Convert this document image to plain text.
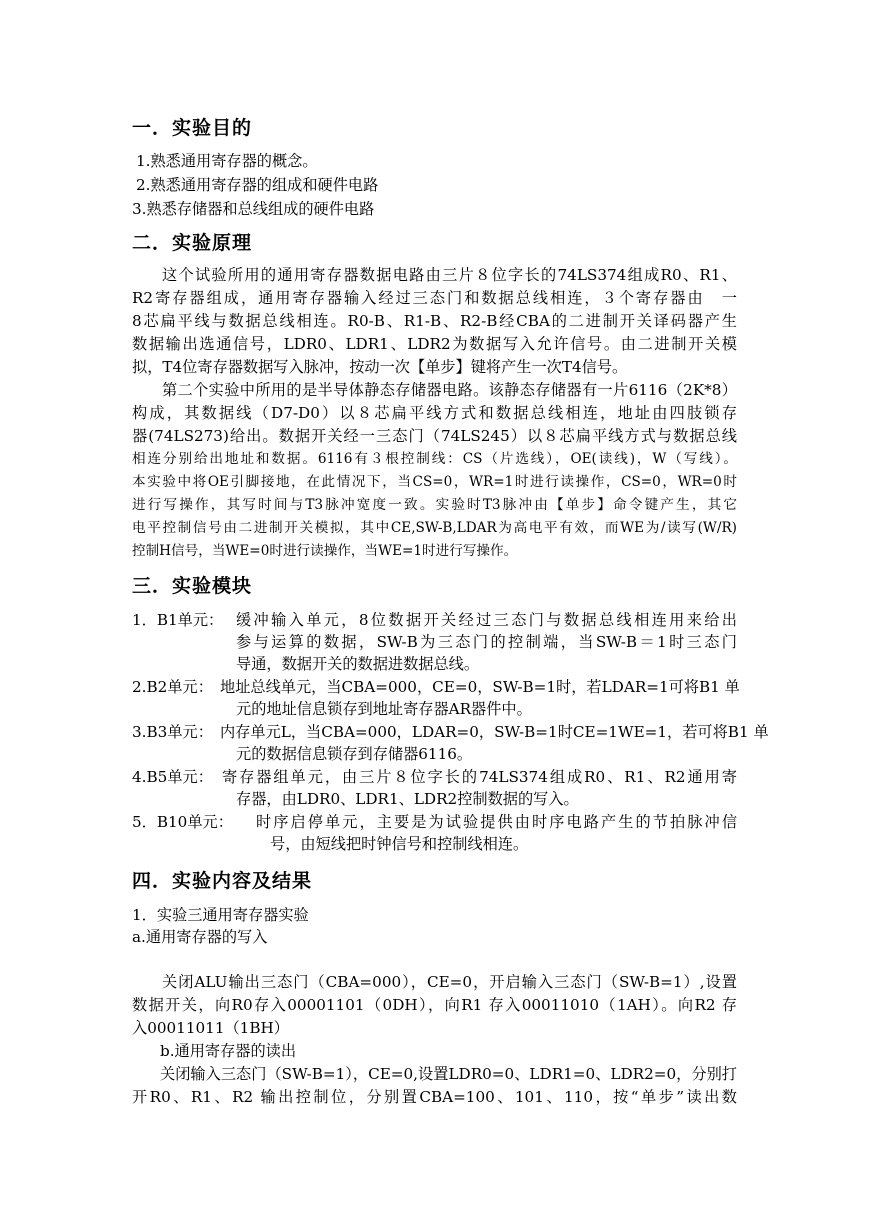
一．实验目的
1.熟悉通用寄存器的概念。
2.熟悉通用寄存器的组成和硬件电路
3.熟悉存储器和总线组成的硬件电路
二．实验原理
这个试验所用的通用寄存器数据电路由三片８位字长的74LS374组成R0、R1、
R2寄存器组成，通用寄存器输入经过三态门和数据总线相连，３个寄存器由　一
8芯扁平线与数据总线相连。R0-B、R1-B、R2-B经CBA的二进制开关译码器产生
数据输出选通信号，LDR0、LDR1、LDR2为数据写入允许信号。由二进制开关模
拟，T4位寄存器数据写入脉冲，按动一次【单步】键将产生一次T4信号。
第二个实验中所用的是半导体静态存储器电路。该静态存储器有一片6116（2K*8）
构成，其数据线（D7-D0）以８芯扁平线方式和数据总线相连，地址由四肢锁存
器(74LS273)给出。数据开关经一三态门（74LS245）以８芯扁平线方式与数据总线
相连分别给出地址和数据。6116有３根控制线：CS（片选线），OE(读线)，W（写线）。
本实验中将OE引脚接地，在此情况下，当CS=0，WR=1时进行读操作，CS=0，WR=0时
进行写操作，其写时间与T3脉冲宽度一致。实验时T3脉冲由【单步】命令键产生，其它
电平控制信号由二进制开关模拟，其中CE,SW-B,LDAR为高电平有效，而WE为/读写(W/R)
控制H信号，当WE=0时进行读操作，当WE=1时进行写操作。
三．实验模块
1．B1单元： 缓冲输入单元，8位数据开关经过三态门与数据总线相连用来给出
参与运算的数据，SW-B为三态门的控制端，当SW-B＝1时三态门
导通，数据开关的数据进数据总线。
2.B2单元： 地址总线单元，当CBA=000，CE=0，SW-B=1时，若LDAR=1可将B1 单
元的地址信息锁存到地址寄存器AR器件中。
3.B3单元： 内存单元L，当CBA=000，LDAR=0，SW-B=1时CE=1WE=1，若可将B1 单
元的数据信息锁存到存储器6116。
4.B5单元： 寄存器组单元，由三片８位字长的74LS374组成R0、R1、R2通用寄
存器，由LDR0、LDR1、LDR2控制数据的写入。
5．B10单元： 时序启停单元，主要是为试验提供由时序电路产生的节拍脉冲信
号，由短线把时钟信号和控制线相连。
四．实验内容及结果
1．实验三通用寄存器实验
a.通用寄存器的写入
关闭ALU输出三态门（CBA=000），CE=0，开启输入三态门（SW-B=1）,设置
数据开关，向R0存入00001101（0DH），向R1 存入00011010（1AH）。向R2 存
入00011011（1BH）
b.通用寄存器的读出
关闭输入三态门（SW-B=1），CE=0,设置LDR0=0、LDR1=0、LDR2=0，分别打
开R0、R1、R2 输出控制位，分别置CBA=100、101、110，按“单步”读出数
